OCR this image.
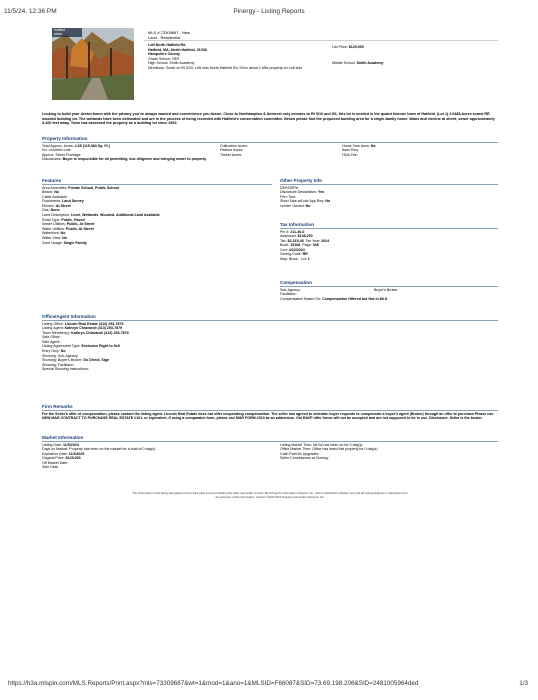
11/5/24, 12:36 PM	Pinergy - Listing Reports
Hatfield
photo	MLS # 73309687 - New
Land - Residential
Lott North Hatfield Rd.
Hatfield, MA: North Hatfield, 01038
Hampshire County
Grade School: HES
High School: Smith Academy
Directions: South on Rt 5/10, Left onto North Hatfield Rd, Drive about 1 Mile property on Left side
List Price: $129,000
Middle School: Smith Academy
Looking to build your dream home with the privacy you've always wanted and convenience you desire. Close to Northampton & Amherst only minutes to Rt 5/10 and I91, this lot is nestled in the quaint historic town of Hatfield. (Lot 1) 2.6488 Acres zoned RR wooded building lot. The wetlands have been delineated and are in the process of being recorded with Hatfield's conservation committee. Below please find the proposed building area for a single-family home. Water and electric at street, sewer approximately 3-400 feet away. Town has assessed the property as a building lot since 1992.
Property Information
Total Approx. Acres: 2.65 (115,383 Sq. Ft.)
No. of Addtnl Lots:
Approx. Street Frontage:
Disclosures: Buyer is responsible for all permitting, due diligence and bringing sewer to property.
Cultivation Acres:
Pasture Acres:
Timber Acres:
Home Own Assn: No
Assn Req:
HOA Fee:
Features
Area Amenities: Private School, Public School
Beach: No
Cable Available:
Documents: Land Survey
Electric: At Street
Gas: None
Land Description: Level, Wetlands, Wooded, Additional Land Available
Road Type: Public, Paved
Sewer Utilities: Public, At Street
Water Utilities: Public, At Street
Waterfront: No
Water View: No
Zone Usage: Single Family
Other Property Info
DEP/DEP#:
Disclosure Declaration: Yes
Perc Test:
Short Sale w/Lndr.App.Req: No
Lender Owned: No
Tax Information
Pin #: 211-40-0
Assessed: $148,200
Tax: $2,315.48  Tax Year: 2024
Book: 15168  Page: 348
Cert: 4/22/2024
Zoning Code: RR
Map: Block:  Lot: 1
Compensation
Sub-Agency:	Buyer's Broker:
Facilitator:
Compensation Based On: Compensation Offered but Not in MLS
Office/Agent Information
Listing Office: Lincoln Real Estate (413) 253-7879
Listing Agent: Kathryn Chiavaroli (413) 253-7879
Team Member(s): Kathryn Chiavaroli (413) 253-7879
Sale Office:
Sale Agent:
Listing Agreement Type: Exclusive Right to Sell
Entry Only: No
Showing: Sub-Agency:
Showing: Buyer's Broker: Go Direct, Sign
Showing: Facilitator:
Special Showing Instructions:
Firm Remarks
For the Seller's offer of compensation, please contact the listing agent. Lincoln Real Estate does not offer cooperating compensation. The seller has agreed to entertain buyer requests to compensate a buyer's agent (Broker) through an offer to purchase.Please use NEW MAR CONTRACT TO PURCHASE REAL ESTATE #101, or equivalent. If using a comparable form, please use MAR FORM #310 as an addendum. Old RAVP offer forms will not be accepted and are not supposed to be in use. Disclosure: Seller is the broker.
Market Information
Listing Date: 11/5/2024
Days on Market: Property has been on the market for a total of 0 day(s)
Expiration Date: 11/3/2025
Original Price: $129,000
Off Market Date:
Sale Date:
Listing Market Time: MLS# has been on for 0 day(s)
Office Market Time: Office has listed this property for 0 day(s)
Cash Paid for Upgrades:
Seller Concessions at Closing:
The information in this listing was gathered from third party sources including the seller and public records. MLS Property Information Network, Inc., and its subscribers disclaim any and all representations or warranties as to the accuracy of this information. Content ©2024 MLS Property Information Network, Inc.
https://h3a.mlspin.com/MLS.Reports/Print.aspx?mls=73309687&wt=1&mod=1&ano=1&MLSID=F66087&SID=73.69.198.206&SID=2481005964ded	1/3
